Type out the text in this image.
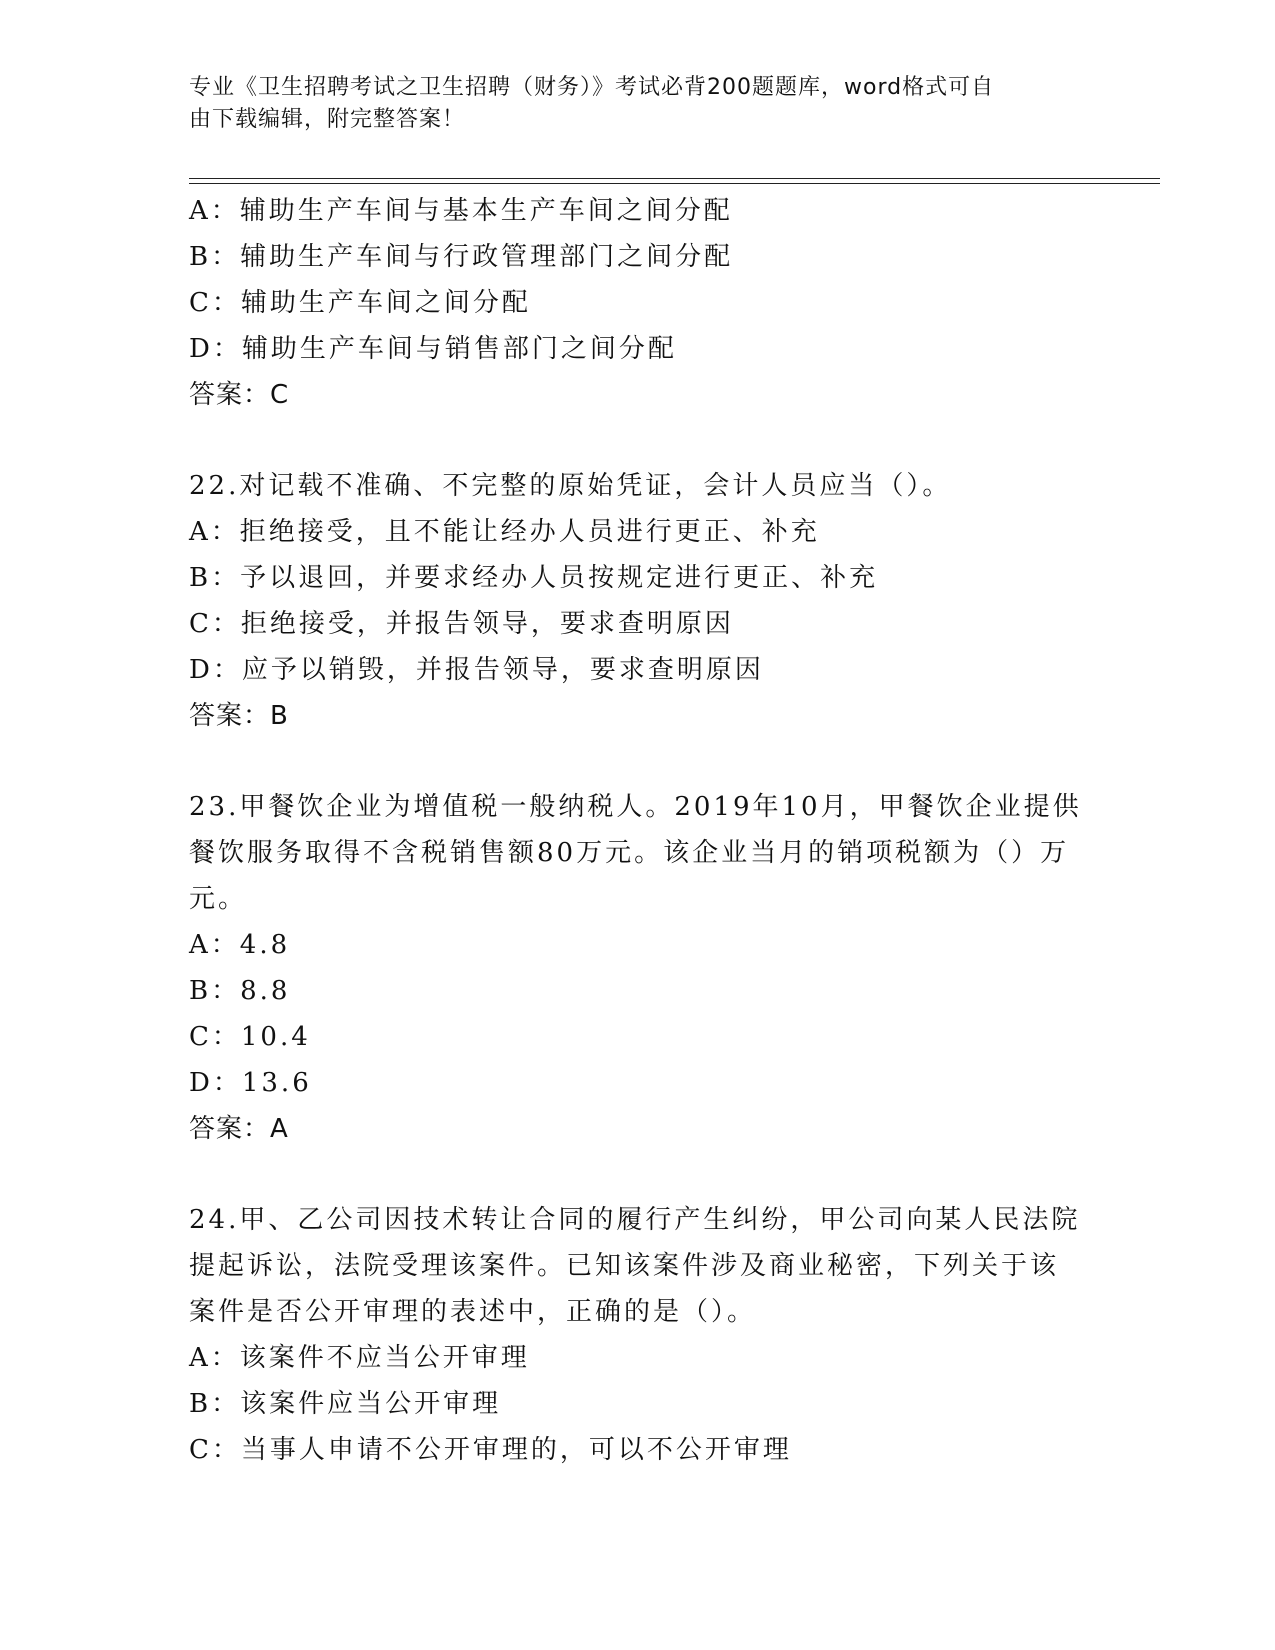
专业《卫生招聘考试之卫生招聘（财务）》考试必背200题题库，word格式可自
由下载编辑，附完整答案！
A：辅助生产车间与基本生产车间之间分配
B：辅助生产车间与行政管理部门之间分配
C：辅助生产车间之间分配
D：辅助生产车间与销售部门之间分配
答案：C
22.对记载不准确、不完整的原始凭证，会计人员应当（）。
A：拒绝接受，且不能让经办人员进行更正、补充
B：予以退回，并要求经办人员按规定进行更正、补充
C：拒绝接受，并报告领导，要求查明原因
D：应予以销毁，并报告领导，要求查明原因
答案：B
23.甲餐饮企业为增值税一般纳税人。2019年10月，甲餐饮企业提供
餐饮服务取得不含税销售额80万元。该企业当月的销项税额为（）万
元。
A：4.8
B：8.8
C：10.4
D：13.6
答案：A
24.甲、乙公司因技术转让合同的履行产生纠纷，甲公司向某人民法院
提起诉讼，法院受理该案件。已知该案件涉及商业秘密，下列关于该
案件是否公开审理的表述中，正确的是（）。
A：该案件不应当公开审理
B：该案件应当公开审理
C：当事人申请不公开审理的，可以不公开审理
